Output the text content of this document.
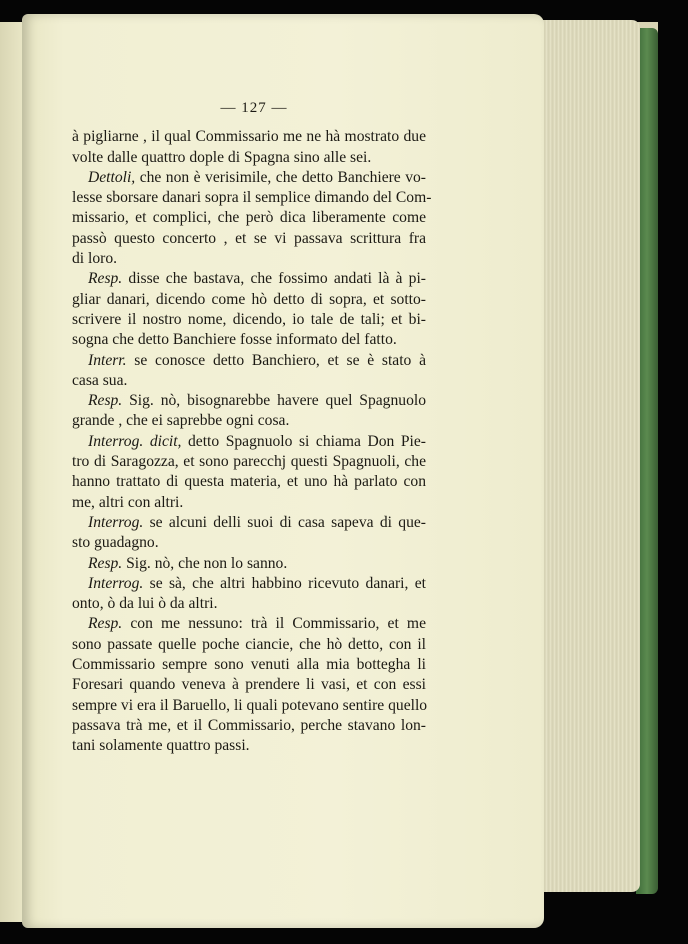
— 127 —
à pigliarne , il qual Commissario me ne hà mostrato due
volte dalle quattro dople di Spagna sino alle sei.
Dettoli, che non è verisimile, che detto Banchiere vo-
lesse sborsare danari sopra il semplice dimando del Com-
missario, et complici, che però dica liberamente come
passò questo concerto , et se vi passava scrittura fra
di loro.
Resp. disse che bastava, che fossimo andati là à pi-
gliar danari, dicendo come hò detto di sopra, et sotto-
scrivere il nostro nome, dicendo, io tale de tali; et bi-
sogna che detto Banchiere fosse informato del fatto.
Interr. se conosce detto Banchiero, et se è stato à
casa sua.
Resp. Sig. nò, bisognarebbe havere quel Spagnuolo
grande , che ei saprebbe ogni cosa.
Interrog. dicit, detto Spagnuolo si chiama Don Pie-
tro di Saragozza, et sono parecchj questi Spagnuoli, che
hanno trattato di questa materia, et uno hà parlato con
me, altri con altri.
Interrog. se alcuni delli suoi di casa sapeva di que-
sto guadagno.
Resp. Sig. nò, che non lo sanno.
Interrog. se sà, che altri habbino ricevuto danari, et
onto, ò da lui ò da altri.
Resp. con me nessuno: trà il Commissario, et me
sono passate quelle poche ciancie, che hò detto, con il
Commissario sempre sono venuti alla mia bottegha li
Foresari quando veneva à prendere li vasi, et con essi
sempre vi era il Baruello, li quali potevano sentire quello
passava trà me, et il Commissario, perche stavano lon-
tani solamente quattro passi.
